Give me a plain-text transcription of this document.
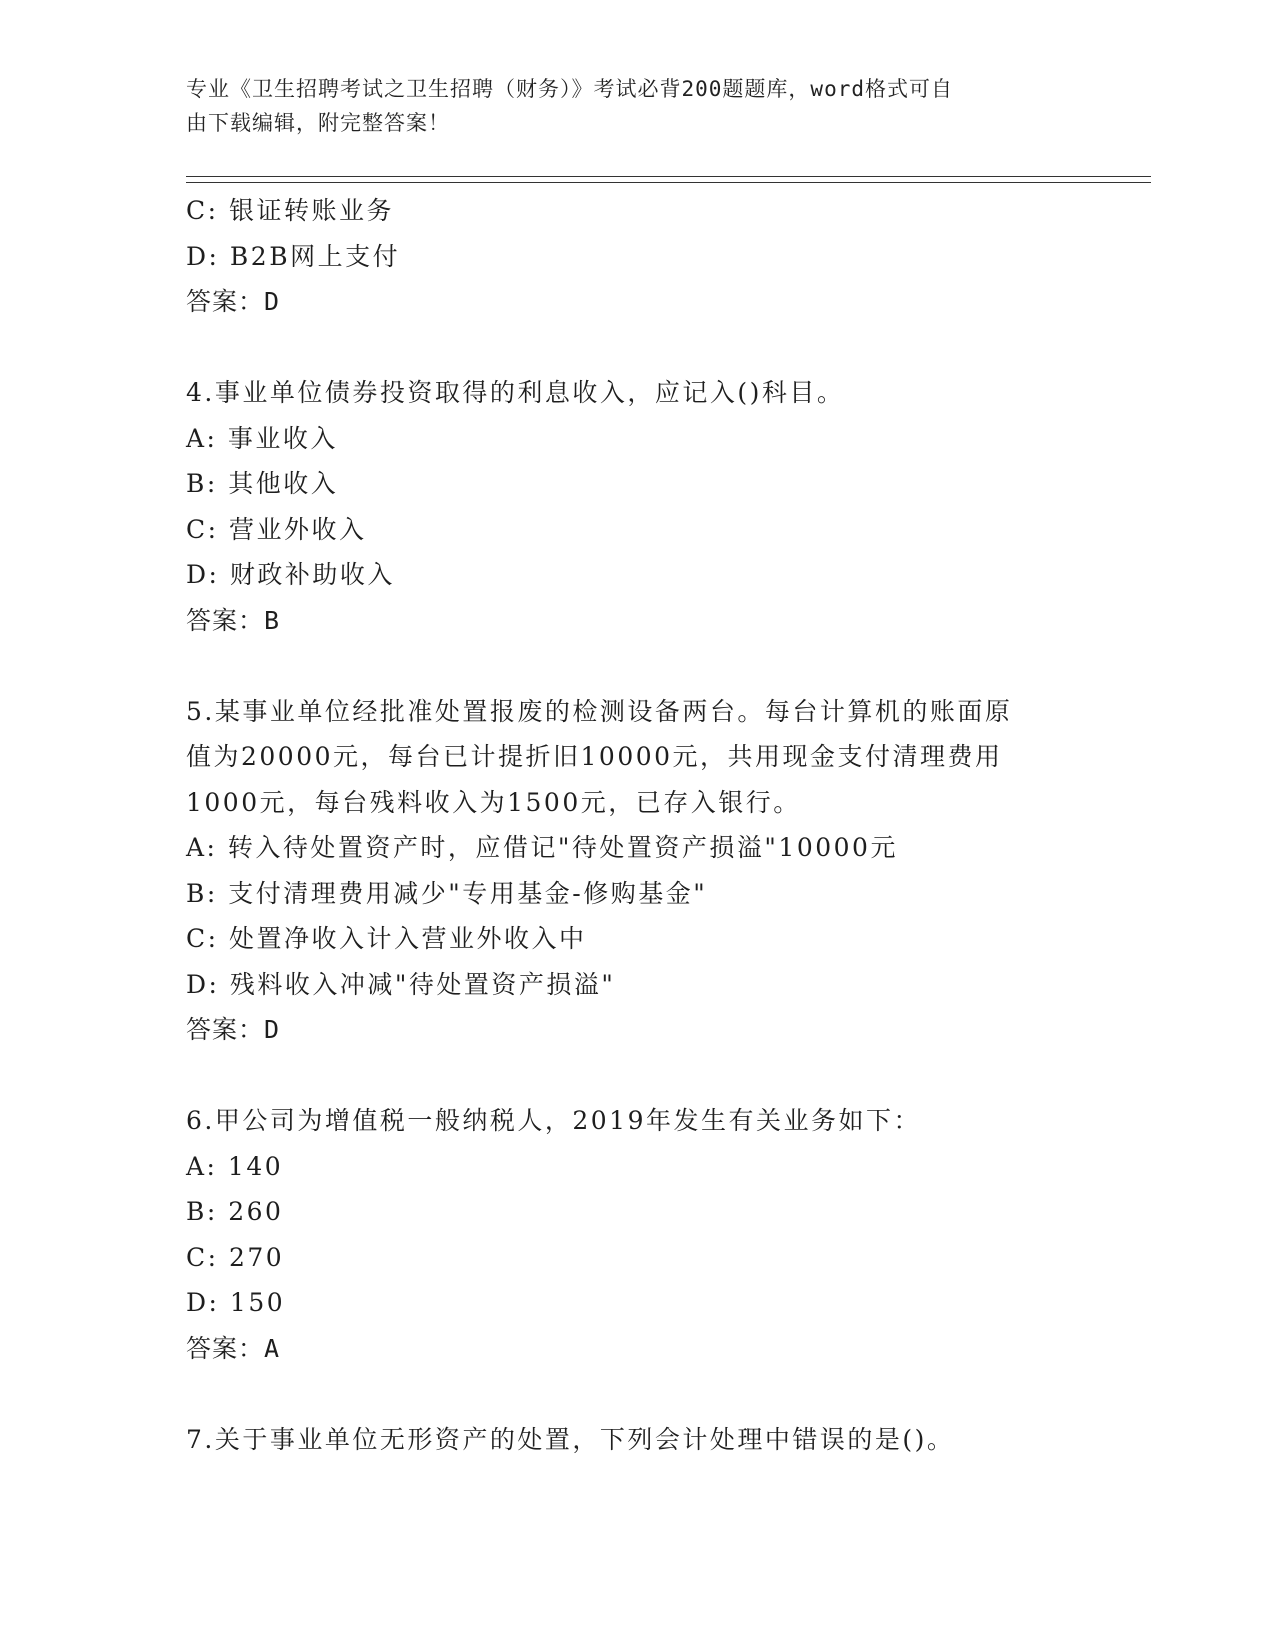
专业《卫生招聘考试之卫生招聘（财务）》考试必背200题题库，word格式可自
由下载编辑，附完整答案！
C: 银证转账业务
D: B2B网上支付
答案：D
4.事业单位债券投资取得的利息收入，应记入()科目。
A: 事业收入
B: 其他收入
C: 营业外收入
D: 财政补助收入
答案：B
5.某事业单位经批准处置报废的检测设备两台。每台计算机的账面原
值为20000元，每台已计提折旧10000元，共用现金支付清理费用
1000元，每台残料收入为1500元，已存入银行。
A: 转入待处置资产时，应借记"待处置资产损溢"10000元
B: 支付清理费用减少"专用基金-修购基金"
C: 处置净收入计入营业外收入中
D: 残料收入冲减"待处置资产损溢"
答案：D
6.甲公司为增值税一般纳税人，2019年发生有关业务如下：
A: 140
B: 260
C: 270
D: 150
答案：A
7.关于事业单位无形资产的处置，下列会计处理中错误的是()。
